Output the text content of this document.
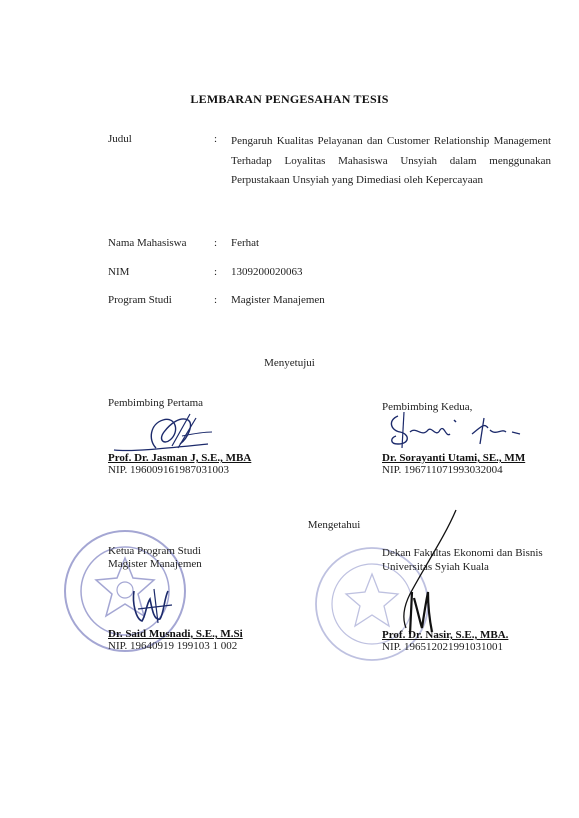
LEMBARAN PENGESAHAN TESIS
Judul	: Pengaruh Kualitas Pelayanan dan Customer Relationship Management Terhadap Loyalitas Mahasiswa Unsyiah dalam menggunakan Perpustakaan Unsyiah yang Dimediasi oleh Kepercayaan
Nama Mahasiswa : Ferhat
NIM	: 1309200020063
Program Studi	: Magister Manajemen
Menyetujui
Pembimbing Pertama
Prof. Dr. Jasman J, S.E., MBA
NIP. 196009161987031003
Pembimbing Kedua,
Dr. Sorayanti Utami, SE., MM
NIP. 196711071993032004
Mengetahui
Ketua Program Studi
Magister Manajemen
Dr. Said Musnadi, S.E., M.Si
NIP. 19640919 199103 1 002
Dekan Fakultas Ekonomi dan Bisnis
Universitas Syiah Kuala
Prof. Dr. Nasir, S.E., MBA.
NIP. 196512021991031001
